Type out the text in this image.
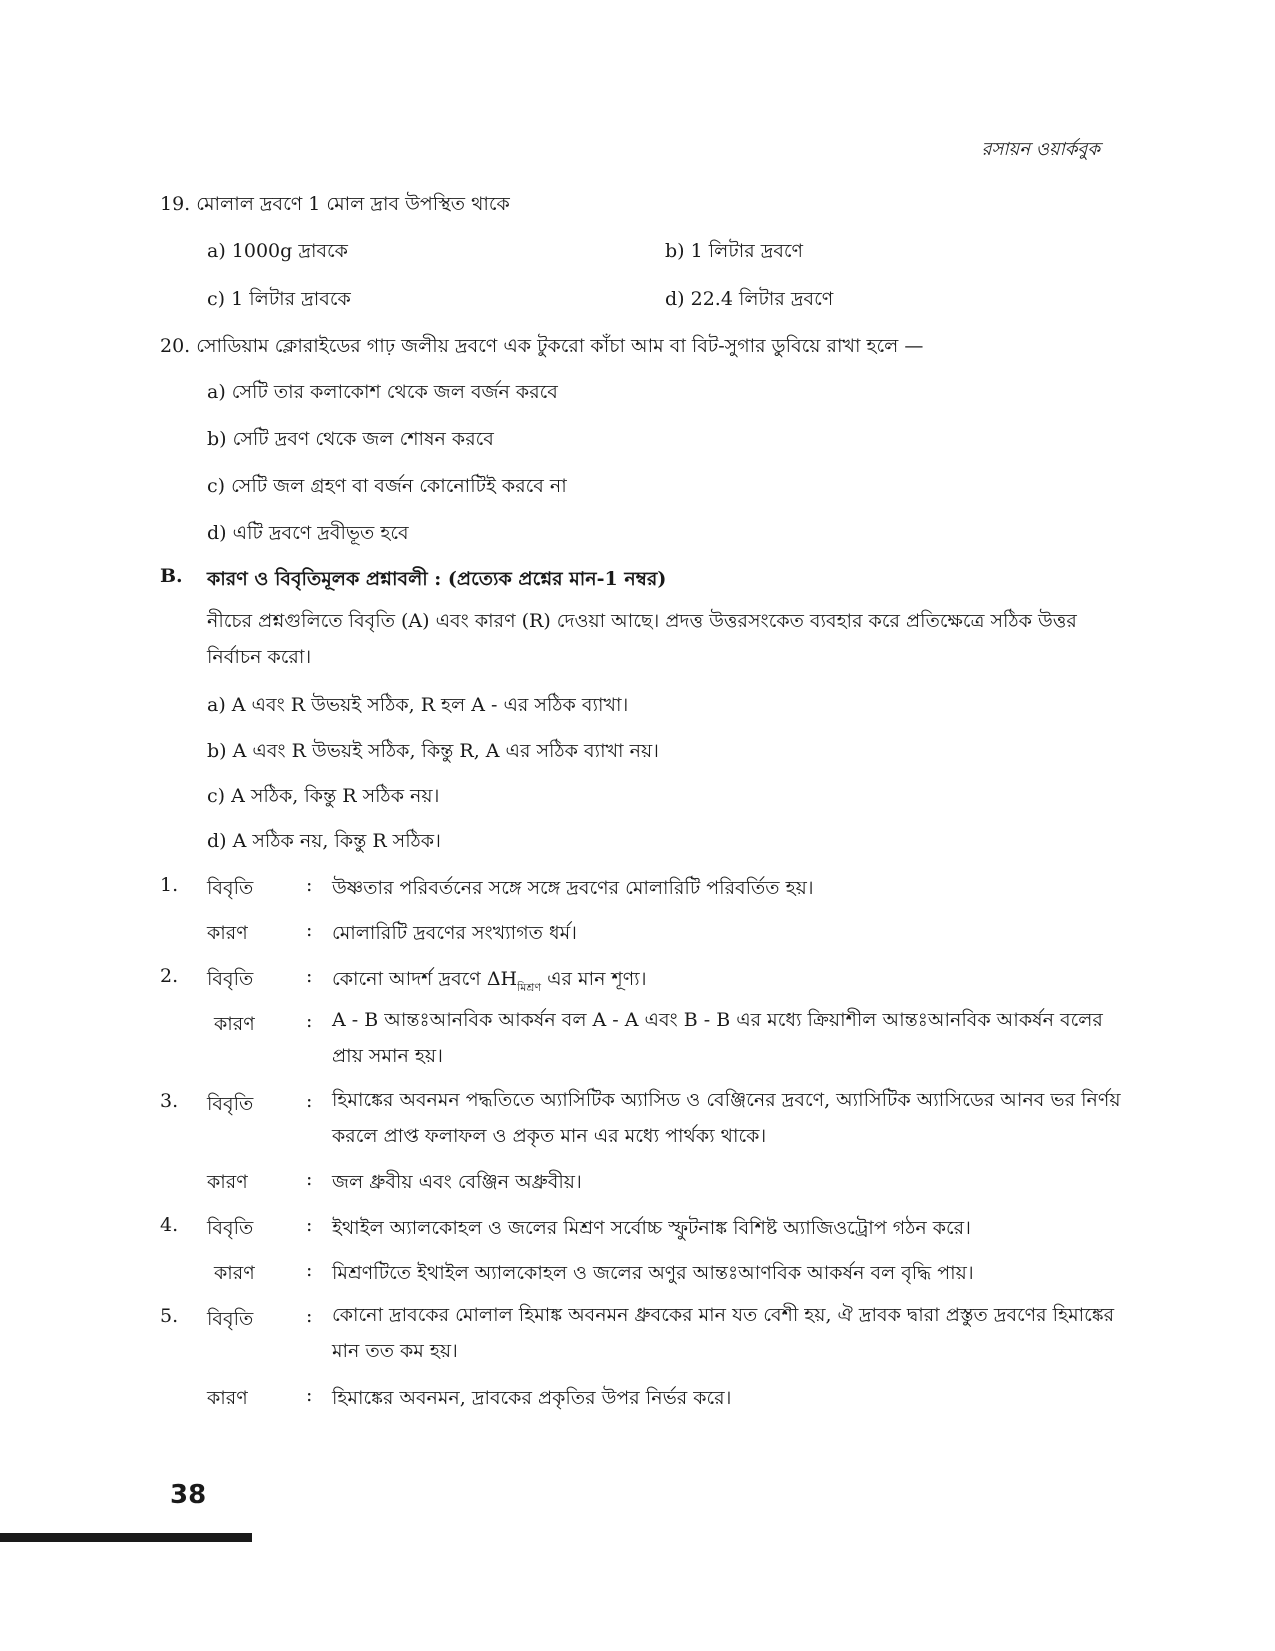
রসায়ন ওয়ার্কবুক
19. মোলাল দ্রবণে 1 মোল দ্রাব উপস্থিত থাকে
a) 1000g দ্রাবকে	b) 1 লিটার দ্রবণে
c) 1 লিটার দ্রাবকে	d) 22.4 লিটার দ্রবণে
20. সোডিয়াম ক্লোরাইডের গাঢ় জলীয় দ্রবণে এক টুকরো কাঁচা আম বা বিট-সুগার ডুবিয়ে রাখা হলে —
a) সেটি তার কলাকোশ থেকে জল বর্জন করবে
b) সেটি দ্রবণ থেকে জল শোষন করবে
c) সেটি জল গ্রহণ বা বর্জন কোনোটিই করবে না
d) এটি দ্রবণে দ্রবীভূত হবে
B. কারণ ও বিবৃতিমূলক প্রশ্নাবলী : (প্রত্যেক প্রশ্নের মান-1 নম্বর)
নীচের প্রশ্নগুলিতে বিবৃতি (A) এবং কারণ (R) দেওয়া আছে। প্রদত্ত উত্তরসংকেত ব্যবহার করে প্রতিক্ষেত্রে সঠিক উত্তর নির্বাচন করো।
a) A এবং R উভয়ই সঠিক, R হল A - এর সঠিক ব্যাখা।
b) A এবং R উভয়ই সঠিক, কিন্তু R, A এর সঠিক ব্যাখা নয়।
c) A সঠিক, কিন্তু R সঠিক নয়।
d) A সঠিক নয়, কিন্তু R সঠিক।
1. বিবৃতি	: উষ্ণতার পরিবর্তনের সঙ্গে সঙ্গে দ্রবণের মোলারিটি পরিবর্তিত হয়।
কারণ	: মোলারিটি দ্রবণের সংখ্যাগত ধর্ম।
2. বিবৃতি	: কোনো আদর্শ দ্রবণে $\Delta H_{মিশ্রণ}$ এর মান শূণ্য।
কারণ	: A - B আন্তঃআনবিক আকর্ষন বল A - A এবং B - B এর মধ্যে ক্রিয়াশীল আন্তঃআনবিক আকর্ষন বলের প্রায় সমান হয়।
3. বিবৃতি	: হিমাঙ্কের অবনমন পদ্ধতিতে অ্যাসিটিক অ্যাসিড ও বেঞ্জিনের দ্রবণে, অ্যাসিটিক অ্যাসিডের আনব ভর নির্ণয় করলে প্রাপ্ত ফলাফল ও প্রকৃত মান এর মধ্যে পার্থক্য থাকে।
কারণ	: জল ধ্রুবীয় এবং বেঞ্জিন অধ্রুবীয়।
4. বিবৃতি	: ইথাইল অ্যালকোহল ও জলের মিশ্রণ সর্বোচ্চ স্ফুটনাঙ্ক বিশিষ্ট অ্যাজিওট্রোপ গঠন করে।
কারণ	: মিশ্রণটিতে ইথাইল অ্যালকোহল ও জলের অণুর আন্তঃআণবিক আকর্ষন বল বৃদ্ধি পায়।
5. বিবৃতি	: কোনো দ্রাবকের মোলাল হিমাঙ্ক অবনমন ধ্রুবকের মান যত বেশী হয়, ঐ দ্রাবক দ্বারা প্রস্তুত দ্রবণের হিমাঙ্কের মান তত কম হয়।
কারণ	: হিমাঙ্কের অবনমন, দ্রাবকের প্রকৃতির উপর নির্ভর করে।
38
